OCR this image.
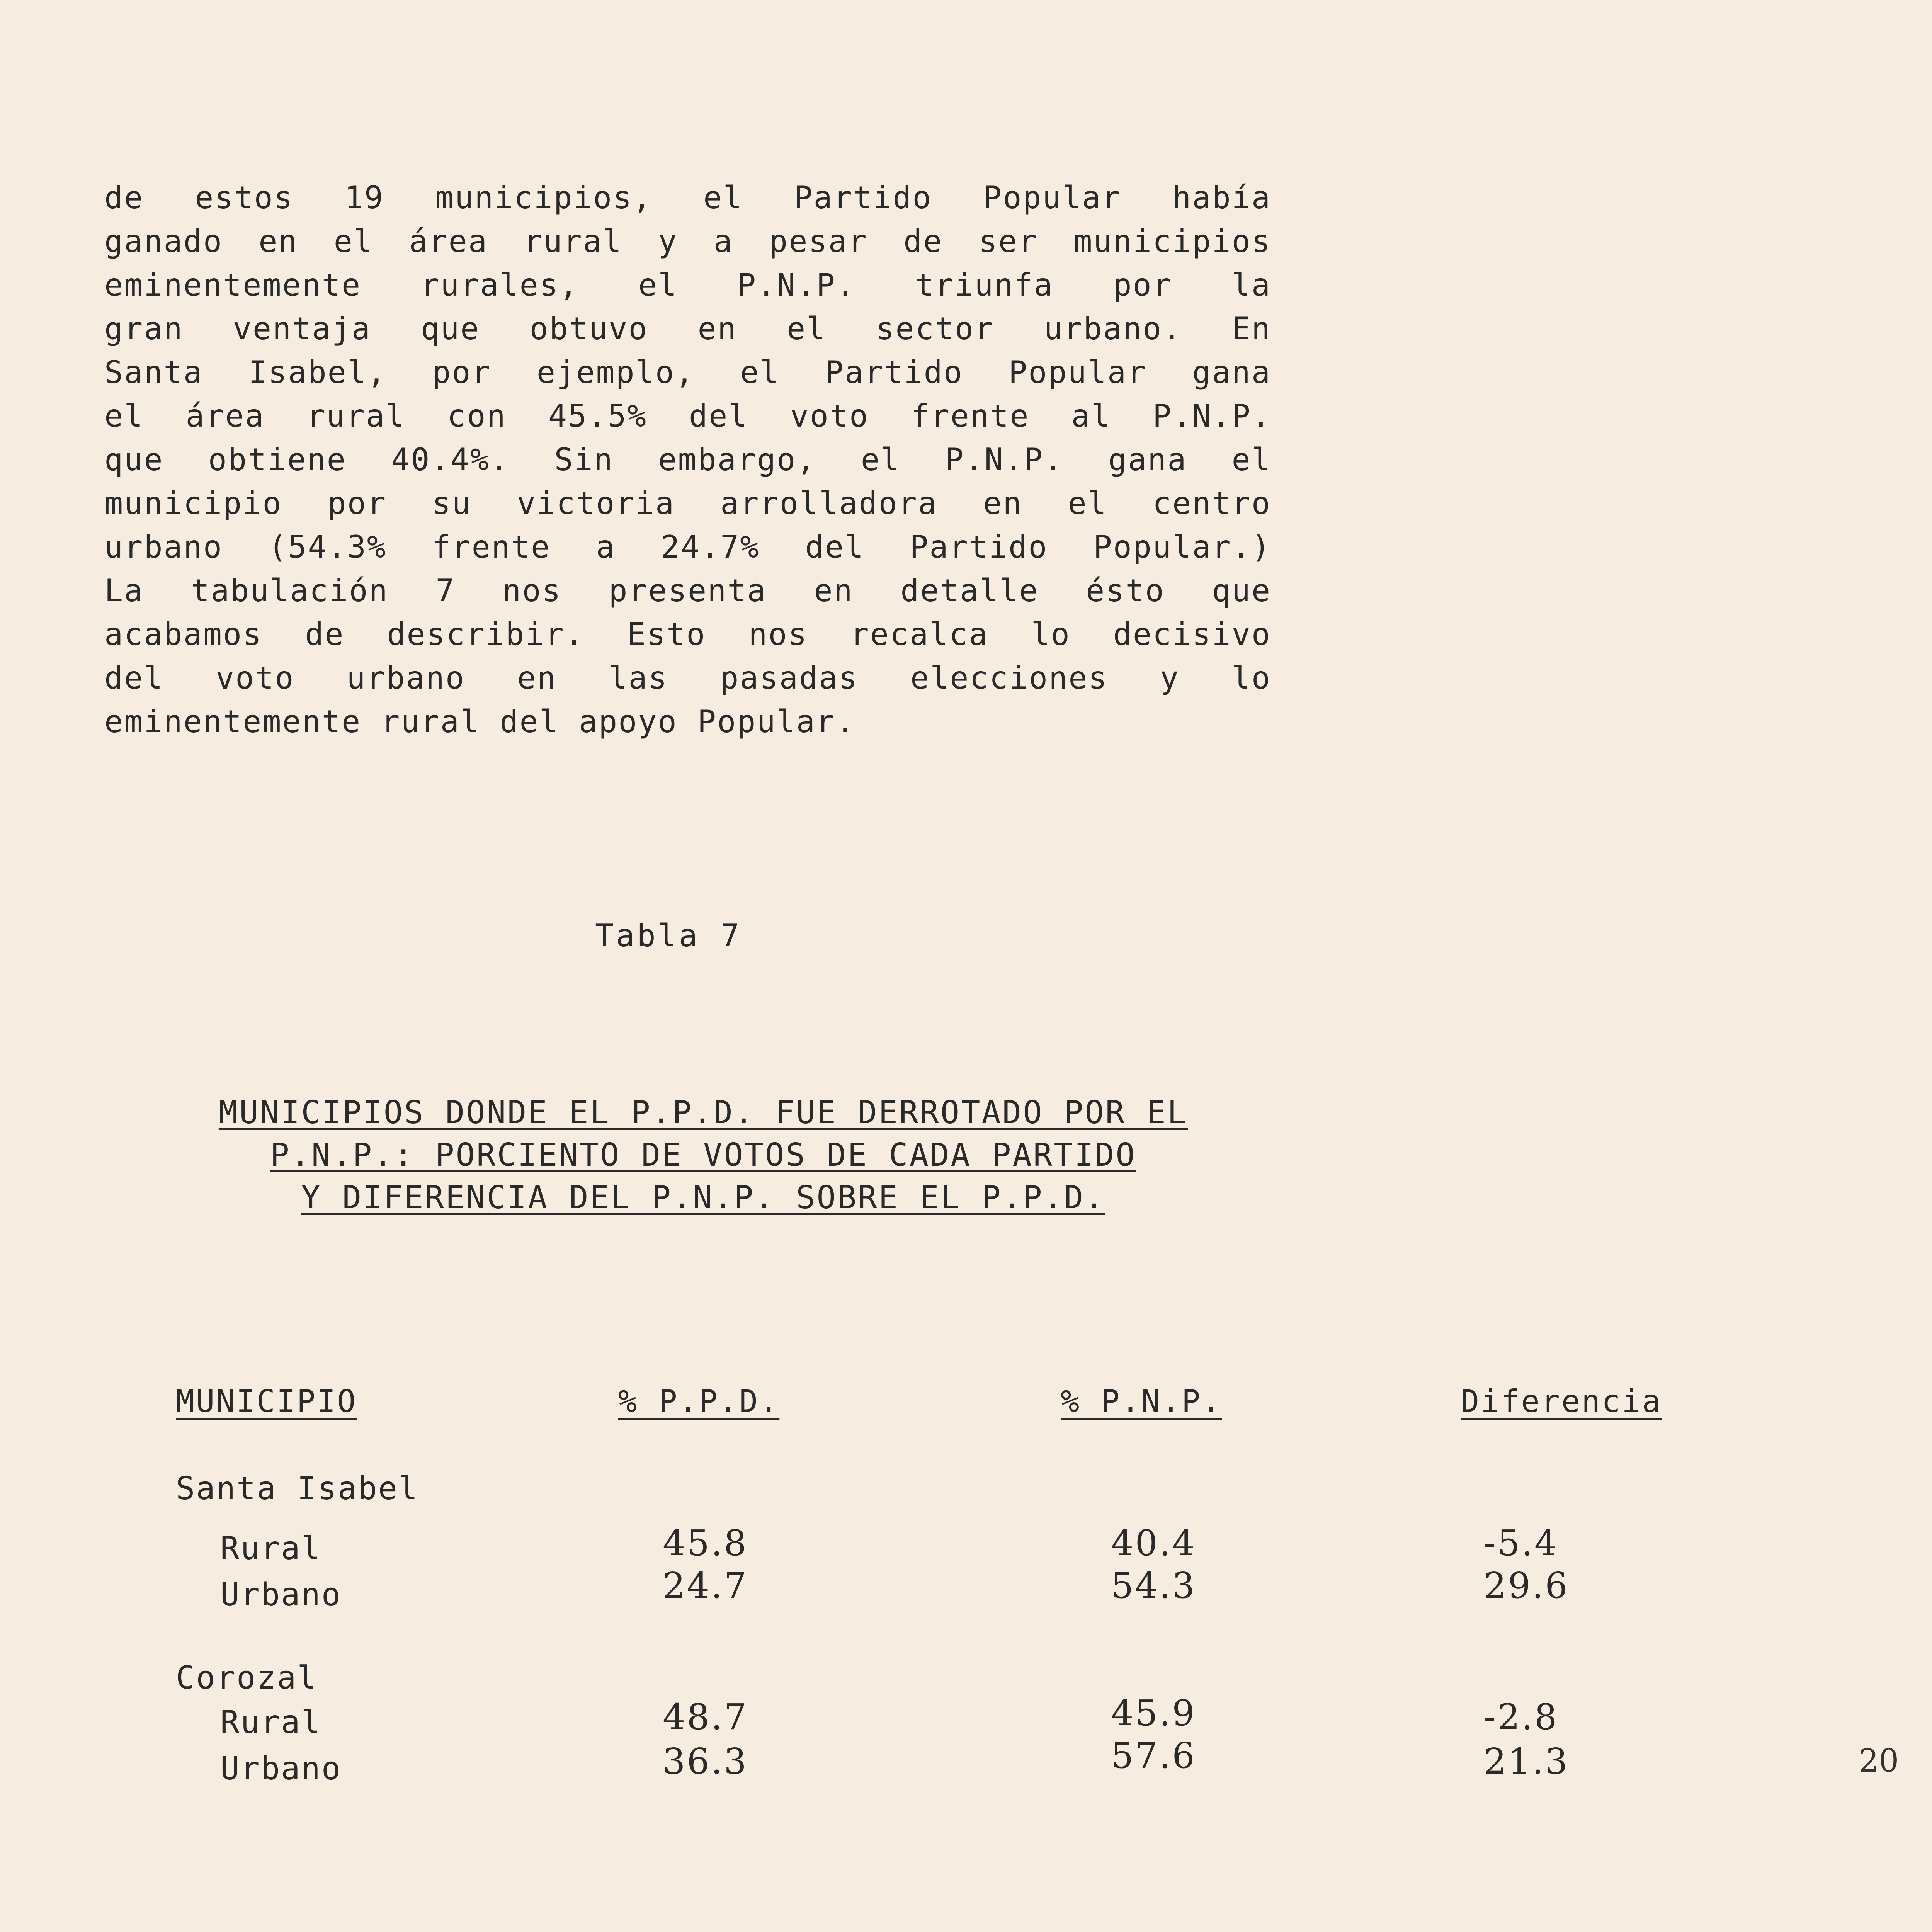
de estos 19 municipios, el Partido Popular había
ganado en el área rural y a pesar de ser municipios
eminentemente rurales, el P.N.P. triunfa por la
gran ventaja que obtuvo en el sector urbano. En
Santa Isabel, por ejemplo, el Partido Popular gana
el área rural con 45.5% del voto frente al P.N.P.
que obtiene 40.4%. Sin embargo, el P.N.P. gana el
municipio por su victoria arrolladora en el centro
urbano (54.3% frente a 24.7% del Partido Popular.)
La tabulación 7 nos presenta en detalle ésto que
acabamos de describir. Esto nos recalca lo decisivo
del voto urbano en las pasadas elecciones y lo
eminentemente rural del apoyo Popular.
Tabla 7
MUNICIPIOS DONDE EL P.P.D. FUE DERROTADO POR EL
P.N.P.: PORCIENTO DE VOTOS DE CADA PARTIDO
Y DIFERENCIA DEL P.N.P. SOBRE EL P.P.D.
MUNICIPIO	% P.P.D.	% P.N.P.	Diferencia
Santa Isabel
Rural	45.8	40.4	-5.4
Urbano	24.7	54.3	29.6
Corozal
Rural	48.7	45.9	-2.8
Urbano	36.3	57.6	21.3	20
